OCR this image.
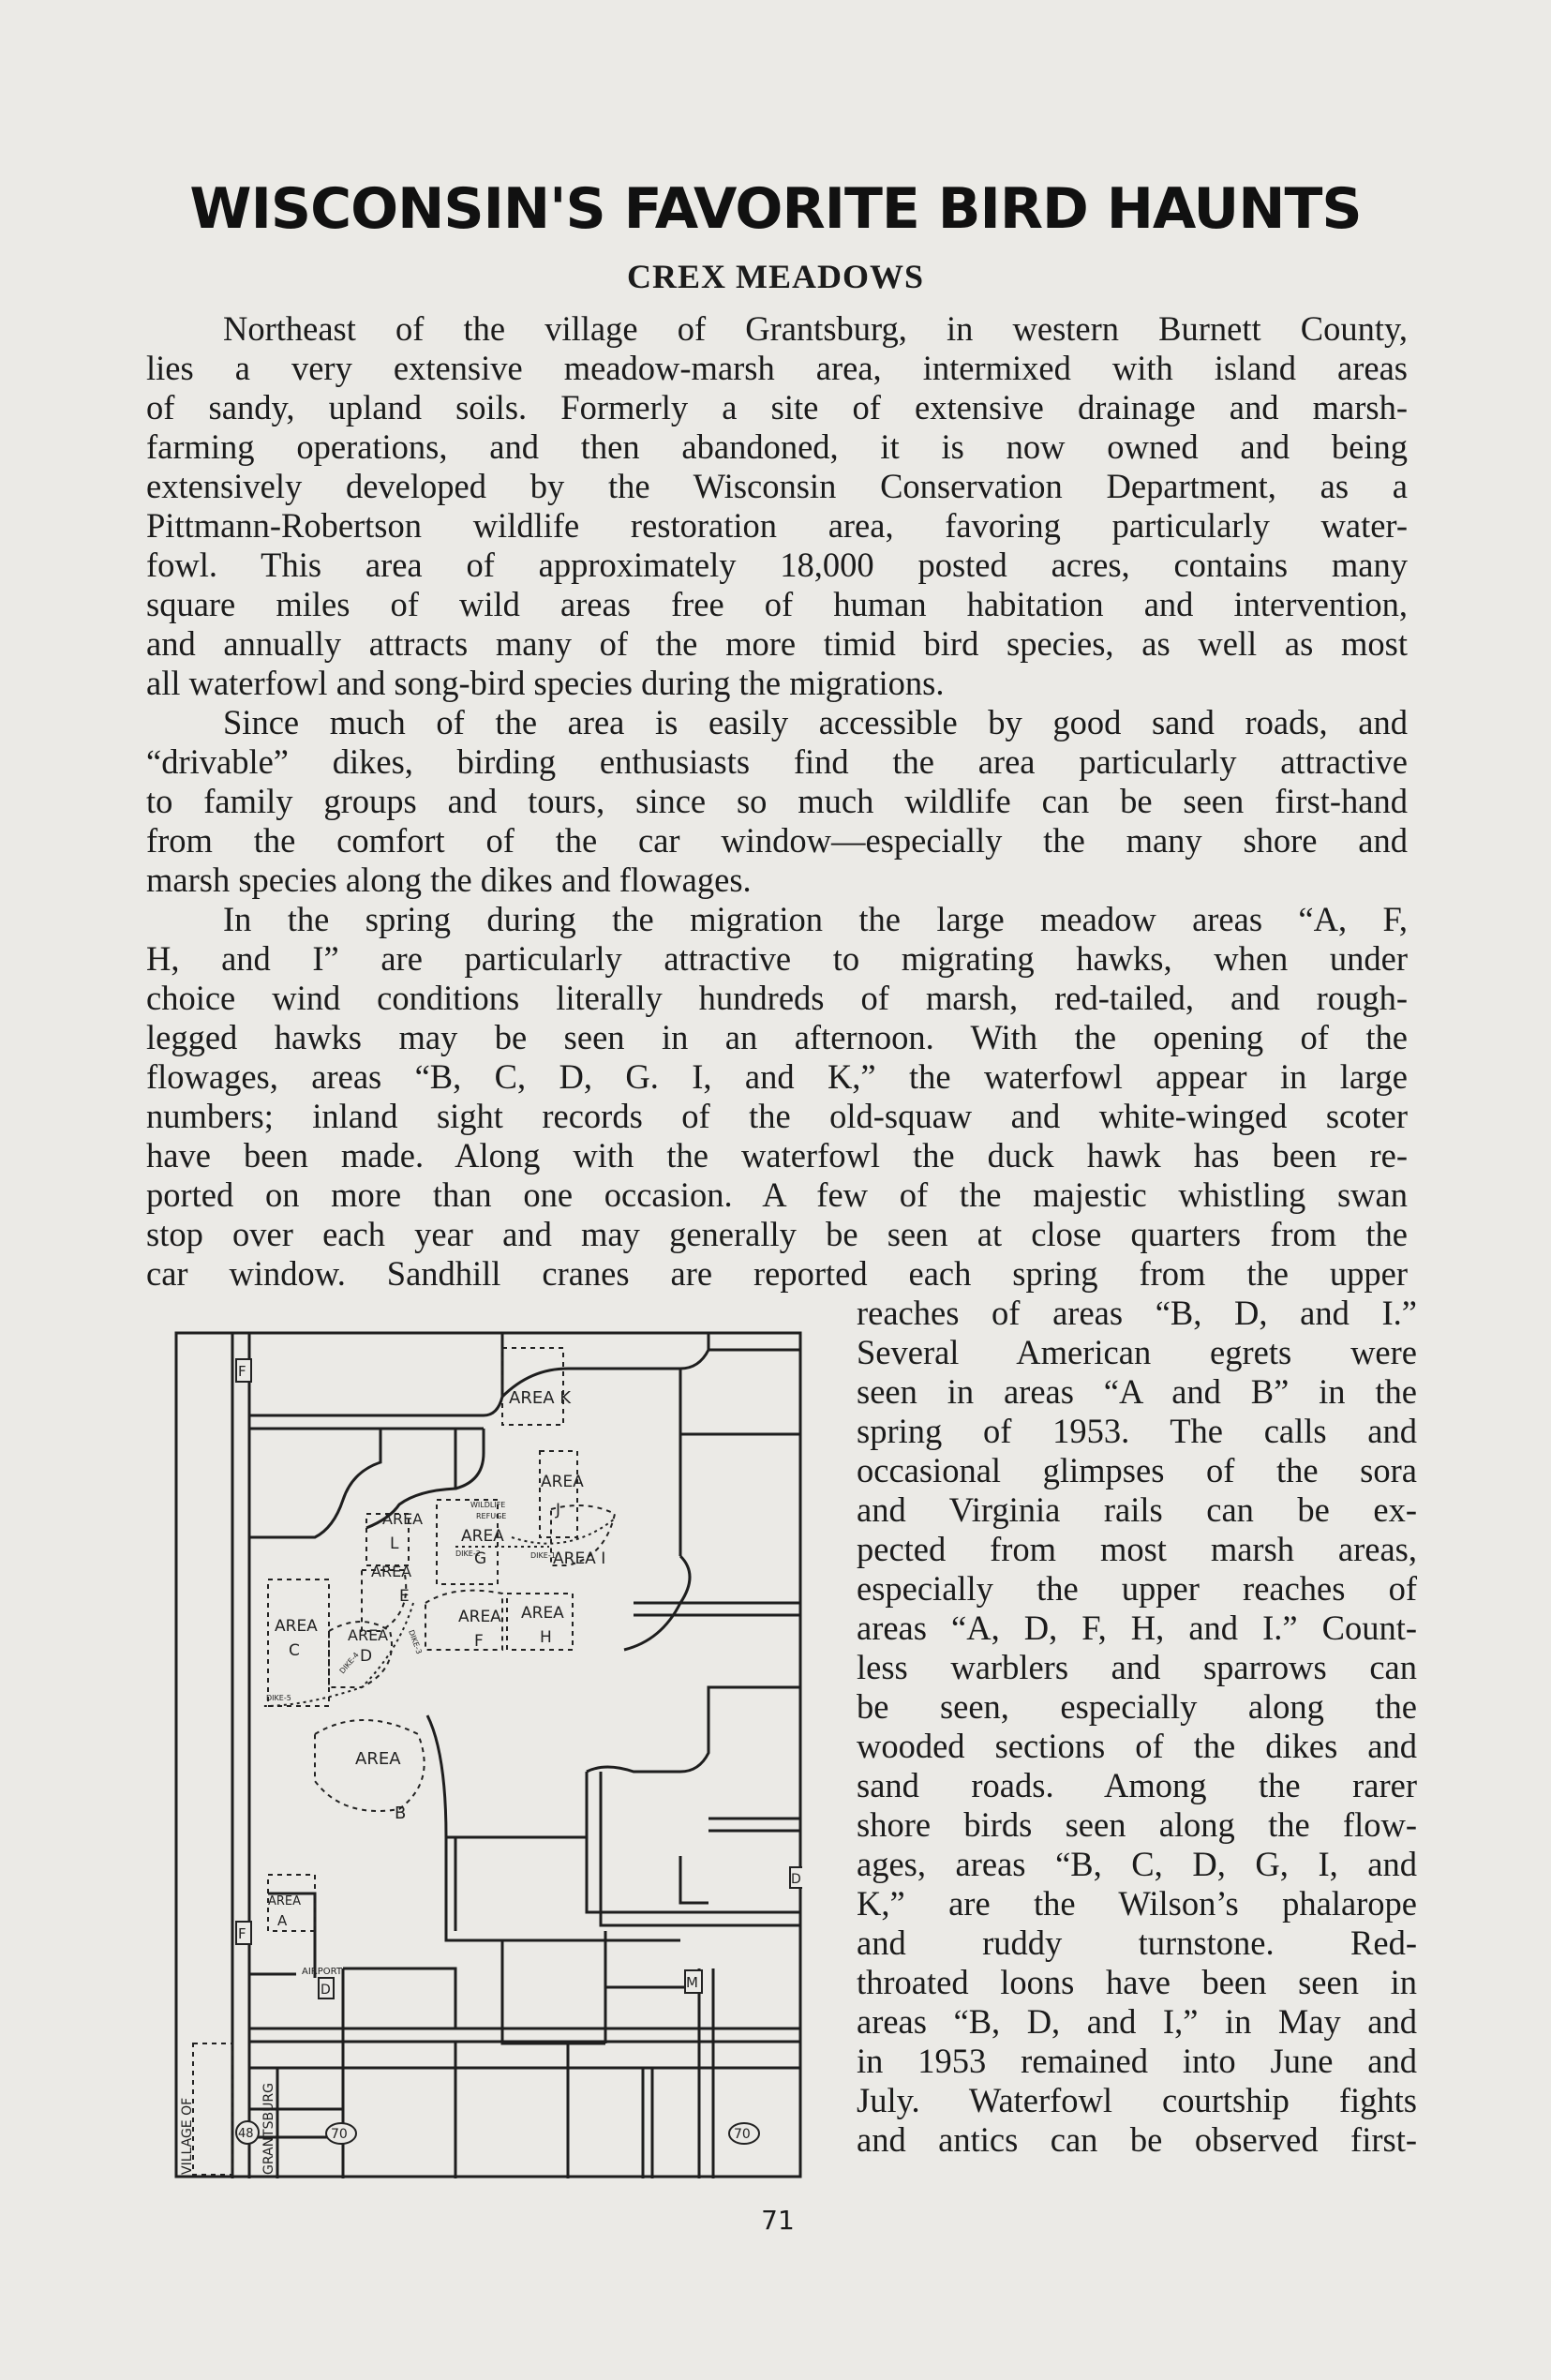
WISCONSIN'S FAVORITE BIRD HAUNTS
CREX MEADOWS
Northeast of the village of Grantsburg, in western Burnett County,
lies a very extensive meadow-marsh area, intermixed with island areas
of sandy, upland soils. Formerly a site of extensive drainage and marsh-
farming operations, and then abandoned, it is now owned and being
extensively developed by the Wisconsin Conservation Department, as a
Pittmann-Robertson wildlife restoration area, favoring particularly water-
fowl. This area of approximately 18,000 posted acres, contains many
square miles of wild areas free of human habitation and intervention,
and annually attracts many of the more timid bird species, as well as most
all waterfowl and song-bird species during the migrations.
Since much of the area is easily accessible by good sand roads, and
“drivable” dikes, birding enthusiasts find the area particularly attractive
to family groups and tours, since so much wildlife can be seen first-hand
from the comfort of the car window—especially the many shore and
marsh species along the dikes and flowages.
In the spring during the migration the large meadow areas “A, F,
H, and I” are particularly attractive to migrating hawks, when under
choice wind conditions literally hundreds of marsh, red-tailed, and rough-
legged hawks may be seen in an afternoon. With the opening of the
flowages, areas “B, C, D, G. I, and K,” the waterfowl appear in large
numbers; inland sight records of the old-squaw and white-winged scoter
have been made. Along with the waterfowl the duck hawk has been re-
ported on more than one occasion. A few of the majestic whistling swan
stop over each year and may generally be seen at close quarters from the
car window. Sandhill cranes are reported each spring from the upper
reaches of areas “B, D, and I.”
Several American egrets were
seen in areas “A and B” in the
spring of 1953. The calls and
occasional glimpses of the sora
and Virginia rails can be ex-
pected from most marsh areas,
especially the upper reaches of
areas “A, D, F, H, and I.” Count-
less warblers and sparrows can
be seen, especially along the
wooded sections of the dikes and
sand roads. Among the rarer
shore birds seen along the flow-
ages, areas “B, C, D, G, I, and
K,” are the Wilson’s phalarope
and ruddy turnstone. Red-
throated loons have been seen in
areas “B, D, and I,” in May and
in 1953 remained into June and
July. Waterfowl courtship fights
and antics can be observed first-
AREA K
AREA
J
WILDLIFE
REFUGE
AREA
G	AREA I
AREA
L
AREA
E
AREA
F
AREA
H
AREA
C
AREA
D
AREA
B
AREA
A
DIKE-2	DIKE-1
DIKE-5
DIKE-4
DIKE-3
AIRPORT
VILLAGE OF	GRANTSBURG
F
F
D
D
M
70	70
48
71
